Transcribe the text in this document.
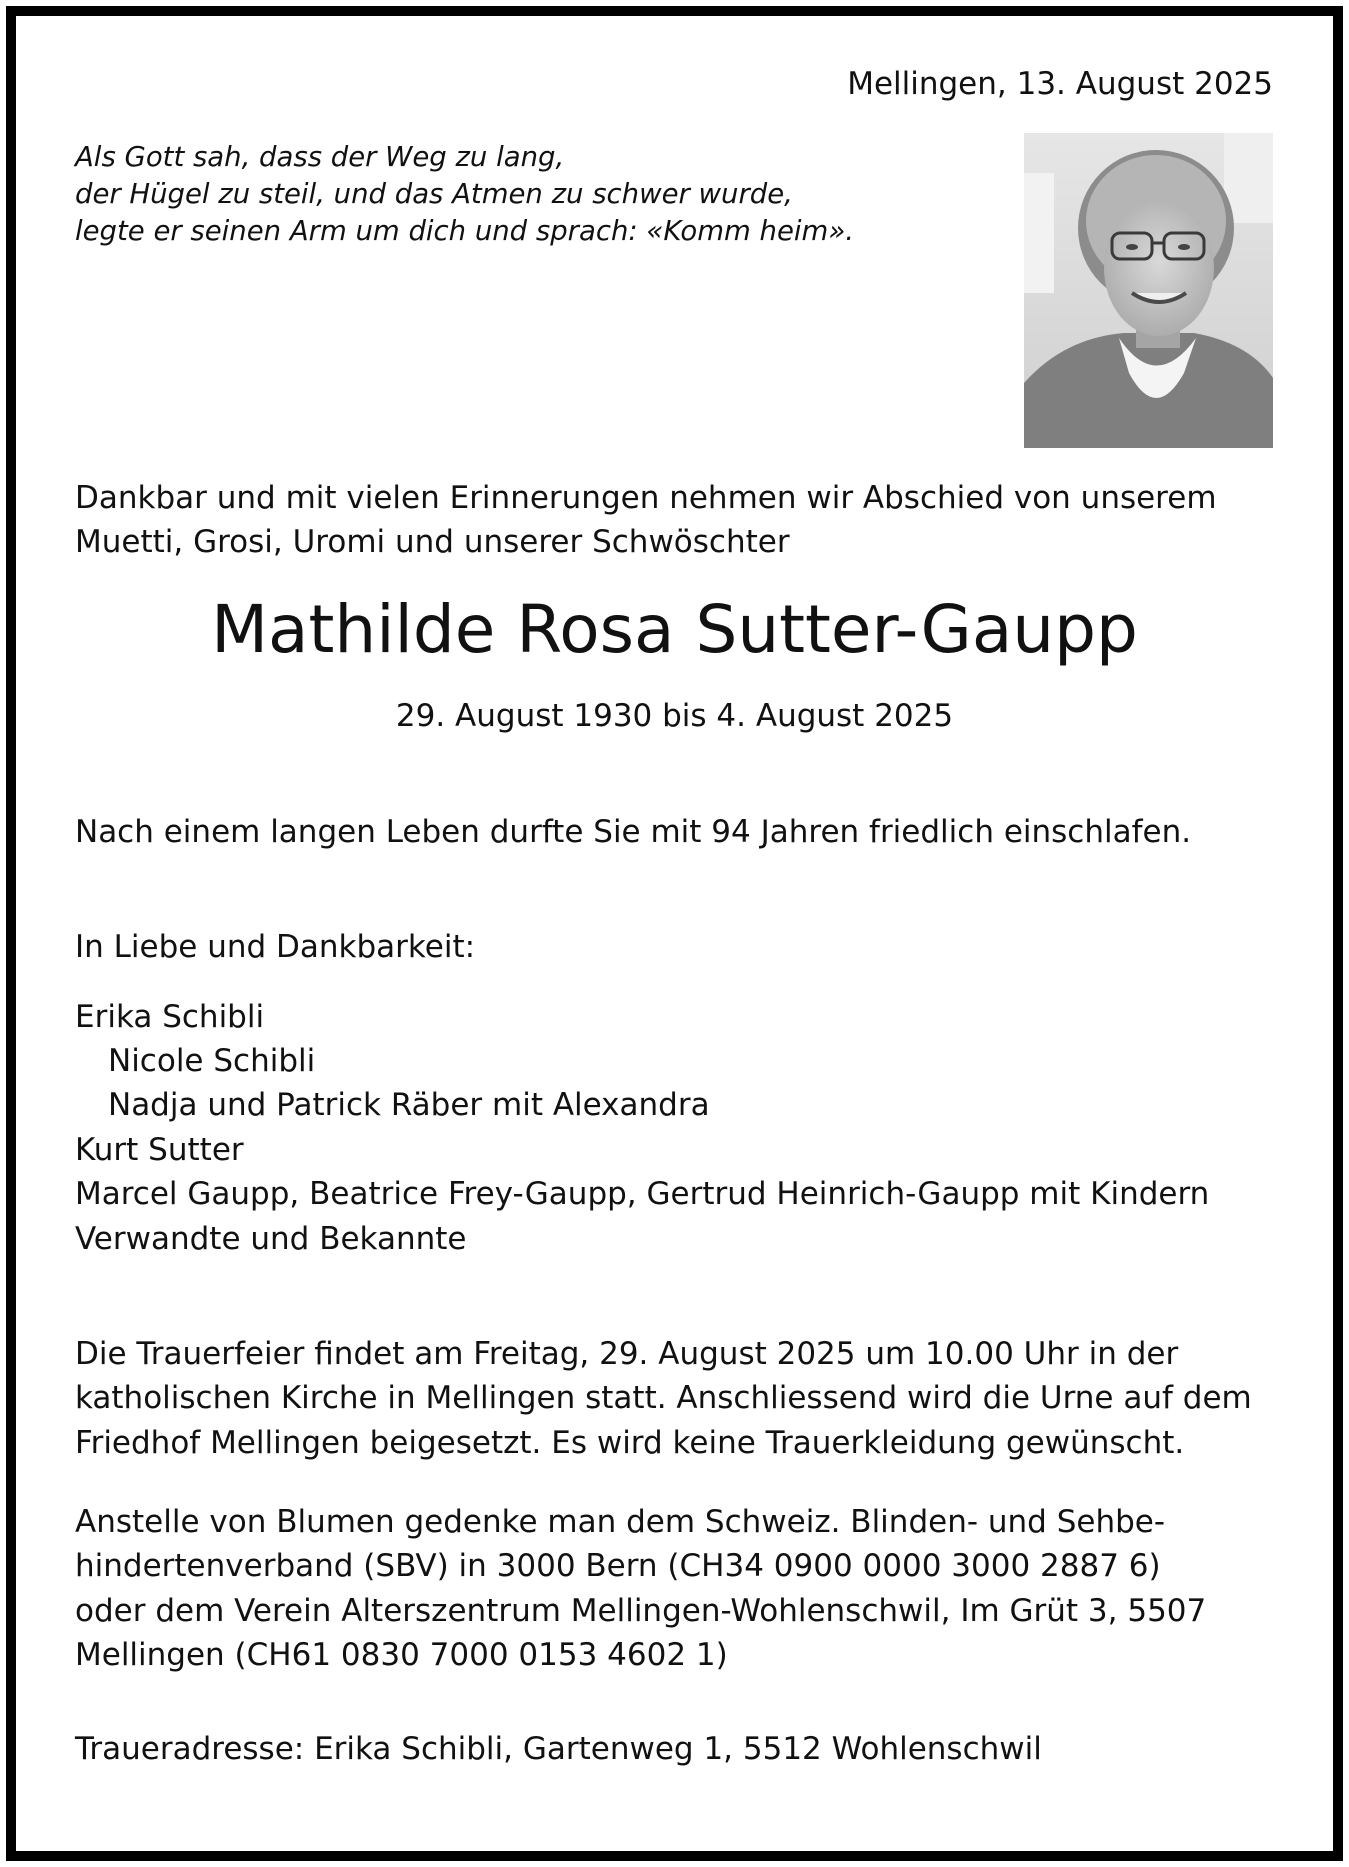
Mellingen, 13. August 2025

Als Gott sah, dass der Weg zu lang,

der Hügel zu steil, und das Atmen zu schwer wurde,

legte er seinen Arm um dich und sprach: «Komm heim».

Dankbar und mit vielen Erinnerungen nehmen wir Abschied von unserem

Muetti, Grosi, Uromi und unserer Schwöschter

Mathilde Rosa Sutter-Gaupp

29. August 1930 bis 4. August 2025

Nach einem langen Leben durfte Sie mit 94 Jahren friedlich einschlafen.

In Liebe und Dankbarkeit:

Erika Schibli

Nicole Schibli

Nadja und Patrick Räber mit Alexandra

Kurt Sutter

Marcel Gaupp, Beatrice Frey-Gaupp, Gertrud Heinrich-Gaupp mit Kindern

Verwandte und Bekannte

Die Trauerfeier findet am Freitag, 29. August 2025 um 10.00 Uhr in der

katholischen Kirche in Mellingen statt. Anschliessend wird die Urne auf dem

Friedhof Mellingen beigesetzt. Es wird keine Trauerkleidung gewünscht.

Anstelle von Blumen gedenke man dem Schweiz. Blinden- und Sehbe-

hindertenverband (SBV) in 3000 Bern (CH34 0900 0000 3000 2887 6)

oder dem Verein Alterszentrum Mellingen-Wohlenschwil, Im Grüt 3, 5507

Mellingen (CH61 0830 7000 0153 4602 1)

Traueradresse: Erika Schibli, Gartenweg 1, 5512 Wohlenschwil
